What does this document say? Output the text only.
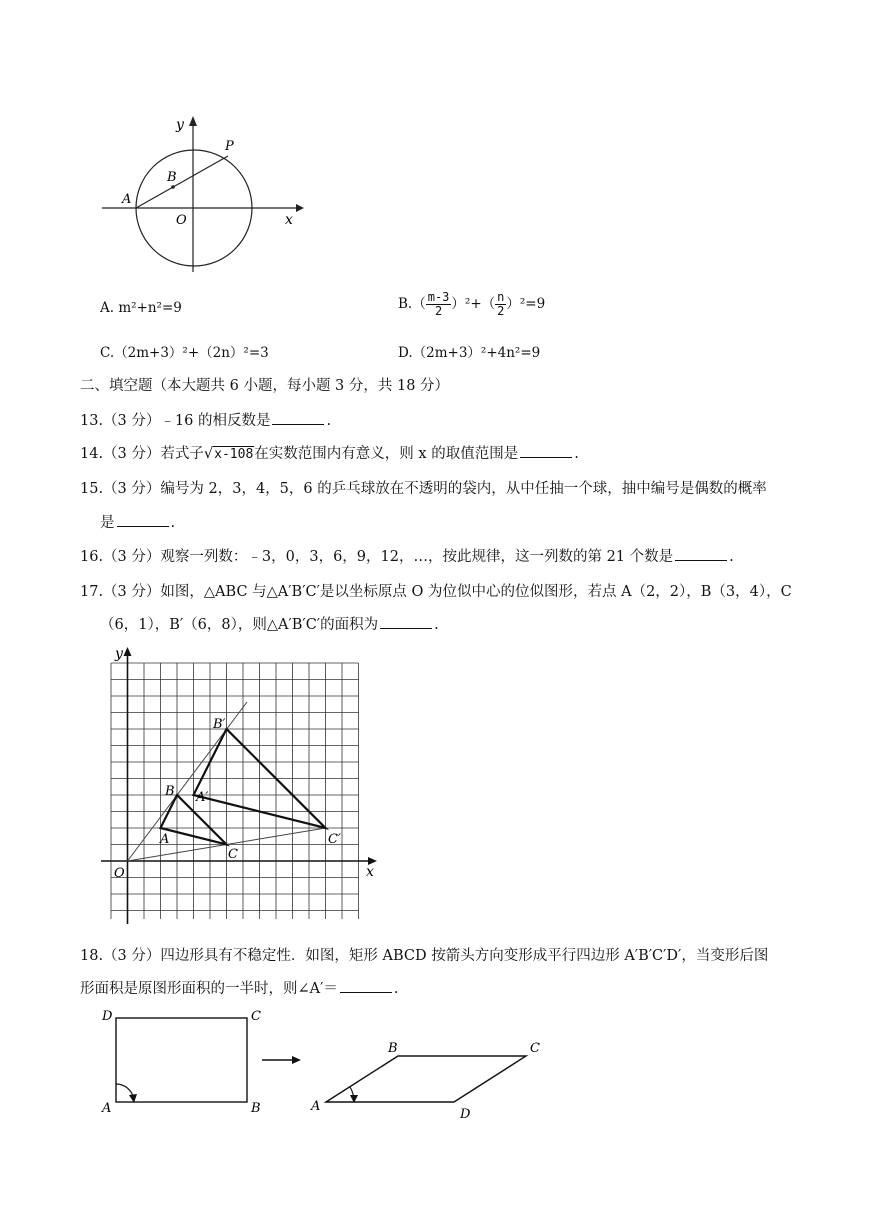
y
x
O
A
B
P
A. m²+n²=9	$B.( \frac{m-3}{2} )^2+( \frac{n}{2} )^2=9$
C.（2m+3）²+（2n）²=3	D.（2m+3）²+4n²=9
二、填空题（本大题共 6 小题，每小题 3 分，共 18 分）
13.（3 分）﹣16 的相反数是	.
14.（3 分）若式子√x-108在实数范围内有意义，则 x 的取值范围是	.
15.（3 分）编号为 2，3，4，5，6 的乒乓球放在不透明的袋内，从中任抽一个球，抽中编号是偶数的概率
是	.
16.（3 分）观察一列数：﹣3，0，3，6，9，12，…，按此规律，这一列数的第 21 个数是	.
17.（3 分）如图，△ABC 与△A′B′C′是以坐标原点 O 为位似中心的位似图形，若点 A（2，2），B（3，4），C
（6，1），B′（6，8），则△A′B′C′的面积为	.
y
x
O
A
B
C
A′
B′
C′
18.（3 分）四边形具有不稳定性．如图，矩形 ABCD 按箭头方向变形成平行四边形 A′B′C′D′，当变形后图
形面积是原图形面积的一半时，则∠A′＝	.
D	C
A	B	A
B	C
D
